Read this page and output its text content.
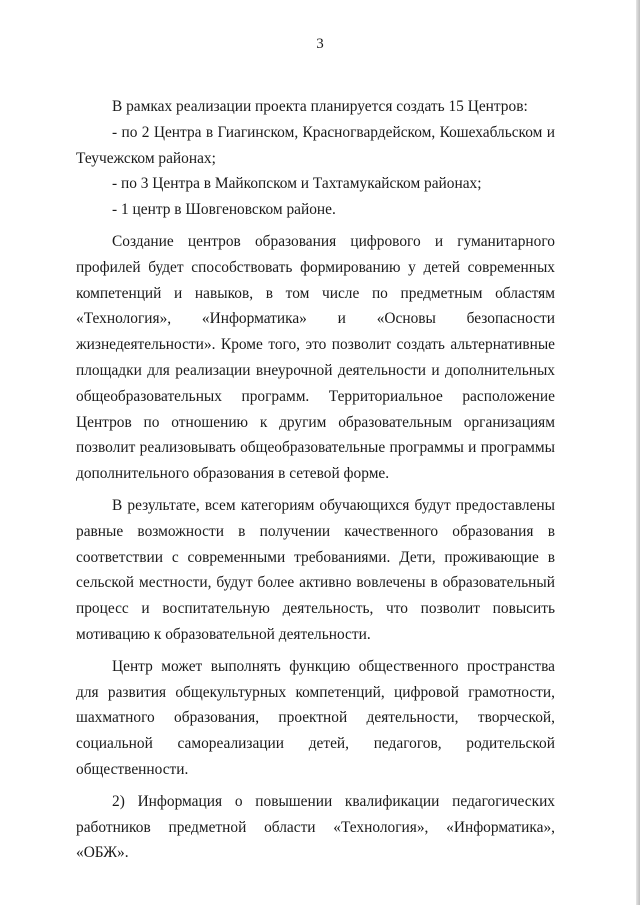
3

В рамках реализации проекта планируется создать 15 Центров:

- по 2 Центра в Гиагинском, Красногвардейском, Кошехабльском и Теучежском районах;

- по 3 Центра в Майкопском и Тахтамукайском районах;

- 1 центр в Шовгеновском районе.

Создание центров образования цифрового и гуманитарного профилей будет способствовать формированию у детей современных компетенций и навыков, в том числе по предметным областям «Технология», «Информатика» и «Основы безопасности жизнедеятельности». Кроме того, это позволит создать альтернативные площадки для реализации внеурочной деятельности и дополнительных общеобразовательных программ. Территориальное расположение Центров по отношению к другим образовательным организациям позволит реализовывать общеобразовательные программы и программы дополнительного образования в сетевой форме.

В результате, всем категориям обучающихся будут предоставлены равные возможности в получении качественного образования в соответствии с современными требованиями. Дети, проживающие в сельской местности, будут более активно вовлечены в образовательный процесс и воспитательную деятельность, что позволит повысить мотивацию к образовательной деятельности.

Центр может выполнять функцию общественного пространства для развития общекультурных компетенций, цифровой грамотности, шахматного образования, проектной деятельности, творческой, социальной самореализации детей, педагогов, родительской общественности.

2) Информация о повышении квалификации педагогических работников предметной области «Технология», «Информатика», «ОБЖ».
